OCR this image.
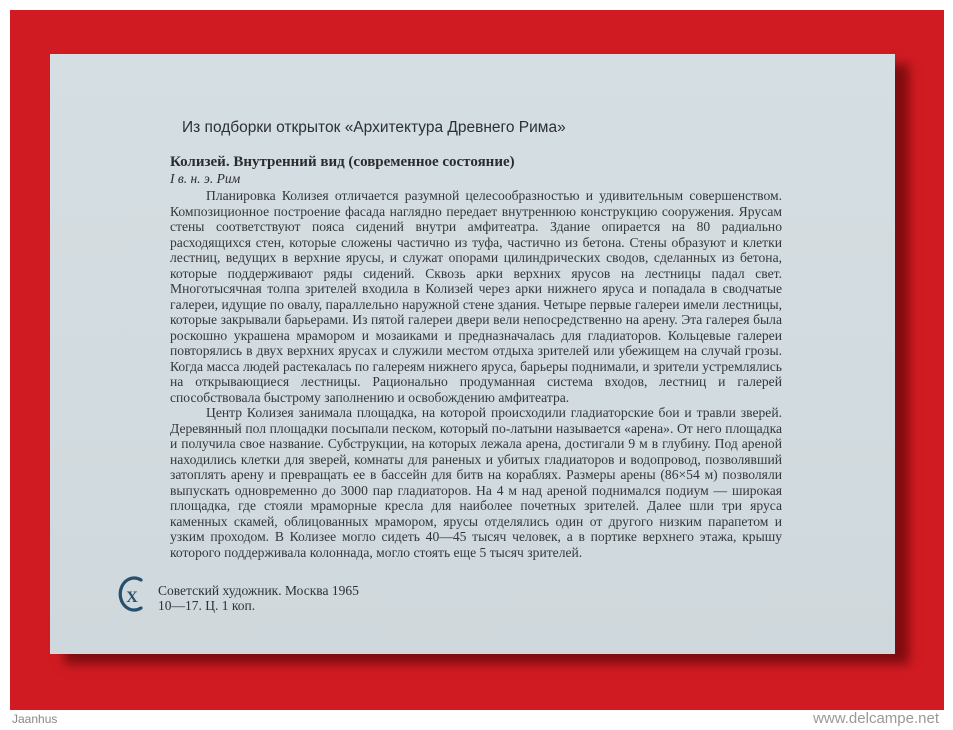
Из подборки открыток «Архитектура Древнего Рима»
Колизей. Внутренний вид (современное состояние)
I в. н. э. Рим

Планировка Колизея отличается разумной целесообразностью и удивительным совершенством. Композиционное построение фасада наглядно передает внутреннюю конструкцию сооружения. Ярусам стены соответствуют пояса сидений внутри амфитеатра. Здание опирается на 80 радиально расходящихся стен, которые сложены частично из туфа, частично из бетона. Стены образуют и клетки лестниц, ведущих в верхние ярусы, и служат опорами цилиндрических сводов, сделанных из бетона, которые поддерживают ряды сидений. Сквозь арки верхних ярусов на лестницы падал свет. Многотысячная толпа зрителей входила в Колизей через арки нижнего яруса и попадала в сводчатые галереи, идущие по овалу, параллельно наружной стене здания. Четыре первые галереи имели лестницы, которые закрывали барьерами. Из пятой галереи двери вели непосредственно на арену. Эта галерея была роскошно украшена мрамором и мозаиками и предназначалась для гладиаторов. Кольцевые галереи повторялись в двух верхних ярусах и служили местом отдыха зрителей или убежищем на случай грозы. Когда масса людей растекалась по галереям нижнего яруса, барьеры поднимали, и зрители устремлялись на открывающиеся лестницы. Рационально продуманная система входов, лестниц и галерей способствовала быстрому заполнению и освобождению амфитеатра.

Центр Колизея занимала площадка, на которой происходили гладиаторские бои и травли зверей. Деревянный пол площадки посыпали песком, который по-латыни называется «арена». От него площадка и получила свое название. Субструкции, на которых лежала арена, достигали 9 м в глубину. Под ареной находились клетки для зверей, комнаты для раненых и убитых гладиаторов и водопровод, позволявший затоплять арену и превращать ее в бассейн для битв на кораблях. Размеры арены (86×54 м) позволяли выпускать одновременно до 3000 пар гладиаторов. На 4 м над ареной поднимался подиум — широкая площадка, где стояли мраморные кресла для наиболее почетных зрителей. Далее шли три яруса каменных скамей, облицованных мрамором, ярусы отделялись один от другого низким парапетом и узким проходом. В Колизее могло сидеть 40—45 тысяч человек, а в портике верхнего этажа, крышу которого поддерживала колоннада, могло стоять еще 5 тысяч зрителей.

X Советский художник. Москва 1965
10—17. Ц. 1 коп.
Jaanhus	www.delcampe.net
